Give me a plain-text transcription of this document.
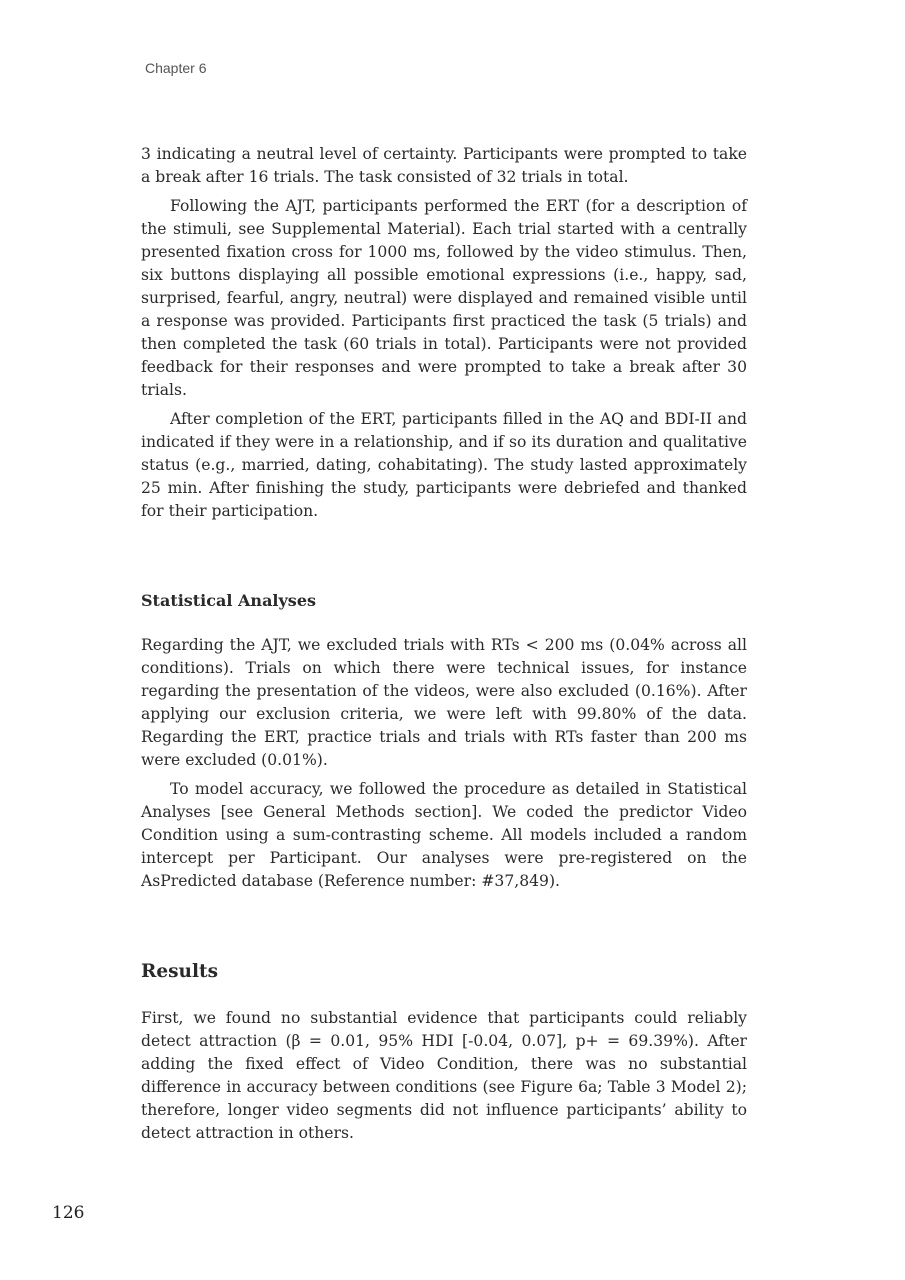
Chapter 6

3 indicating a neutral level of certainty. Participants were prompted to take a break after 16 trials. The task consisted of 32 trials in total.

Following the AJT, participants performed the ERT (for a description of the stimuli, see Supplemental Material). Each trial started with a centrally presented fixation cross for 1000 ms, followed by the video stimulus. Then, six buttons displaying all possible emotional expressions (i.e., happy, sad, surprised, fearful, angry, neutral) were displayed and remained visible until a response was provided. Participants first practiced the task (5 trials) and then completed the task (60 trials in total). Participants were not provided feedback for their responses and were prompted to take a break after 30 trials.

After completion of the ERT, participants filled in the AQ and BDI-II and indicated if they were in a relationship, and if so its duration and qualitative status (e.g., married, dating, cohabitating). The study lasted approximately 25 min. After finishing the study, participants were debriefed and thanked for their participation.

Statistical Analyses

Regarding the AJT, we excluded trials with RTs < 200 ms (0.04% across all conditions). Trials on which there were technical issues, for instance regarding the presentation of the videos, were also excluded (0.16%). After applying our exclusion criteria, we were left with 99.80% of the data. Regarding the ERT, practice trials and trials with RTs faster than 200 ms were excluded (0.01%).

To model accuracy, we followed the procedure as detailed in Statistical Analyses [see General Methods section]. We coded the predictor Video Condition using a sum-contrasting scheme. All models included a random intercept per Participant. Our analyses were pre-registered on the AsPredicted database (Reference number: #37,849).

Results

First, we found no substantial evidence that participants could reliably detect attraction (β = 0.01, 95% HDI [-0.04, 0.07], p+ = 69.39%). After adding the fixed effect of Video Condition, there was no substantial difference in accuracy between conditions (see Figure 6a; Table 3 Model 2); therefore, longer video segments did not influence participants’ ability to detect attraction in others.

126
